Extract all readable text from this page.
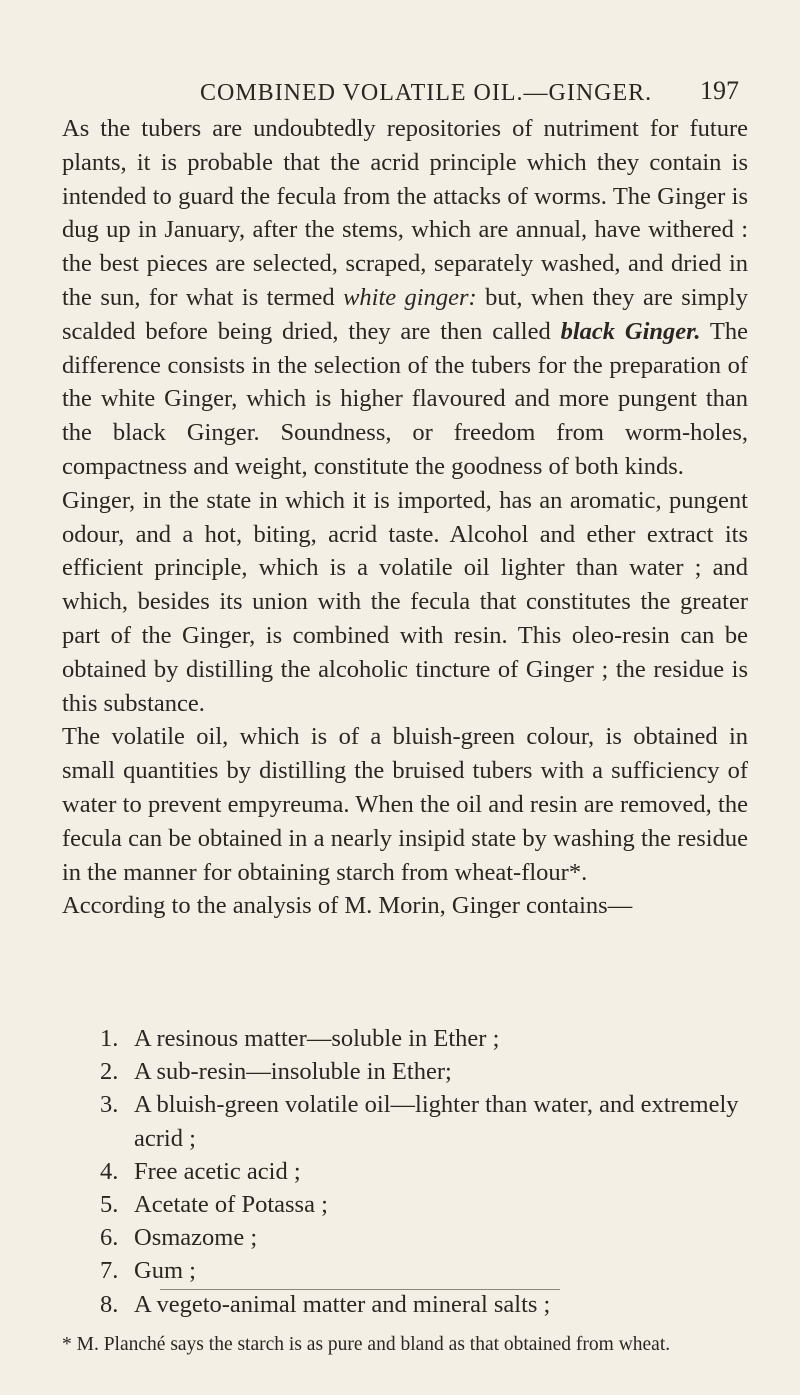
COMBINED VOLATILE OIL.—GINGER. 197

As the tubers are undoubtedly repositories of nutriment for future plants, it is probable that the acrid principle which they contain is intended to guard the fecula from the attacks of worms. The Ginger is dug up in January, after the stems, which are annual, have withered : the best pieces are selected, scraped, separately washed, and dried in the sun, for what is termed white ginger: but, when they are simply scalded before being dried, they are then called black Ginger. The difference consists in the selection of the tubers for the preparation of the white Ginger, which is higher flavoured and more pungent than the black Ginger. Soundness, or freedom from worm-holes, compactness and weight, constitute the goodness of both kinds.

Ginger, in the state in which it is imported, has an aromatic, pungent odour, and a hot, biting, acrid taste. Alcohol and ether extract its efficient principle, which is a volatile oil lighter than water ; and which, besides its union with the fecula that constitutes the greater part of the Ginger, is combined with resin. This oleo-resin can be obtained by distilling the alcoholic tincture of Ginger ; the residue is this substance.

The volatile oil, which is of a bluish-green colour, is obtained in small quantities by distilling the bruised tubers with a sufficiency of water to prevent empyreuma. When the oil and resin are removed, the fecula can be obtained in a nearly insipid state by washing the residue in the manner for obtaining starch from wheat-flour*.

According to the analysis of M. Morin, Ginger contains—

1. A resinous matter—soluble in Ether ;
2. A sub-resin—insoluble in Ether;
3. A bluish-green volatile oil—lighter than water, and extremely acrid ;
4. Free acetic acid ;
5. Acetate of Potassa ;
6. Osmazome ;
7. Gum ;
8. A vegeto-animal matter and mineral salts ;
* M. Planché says the starch is as pure and bland as that obtained from wheat.
